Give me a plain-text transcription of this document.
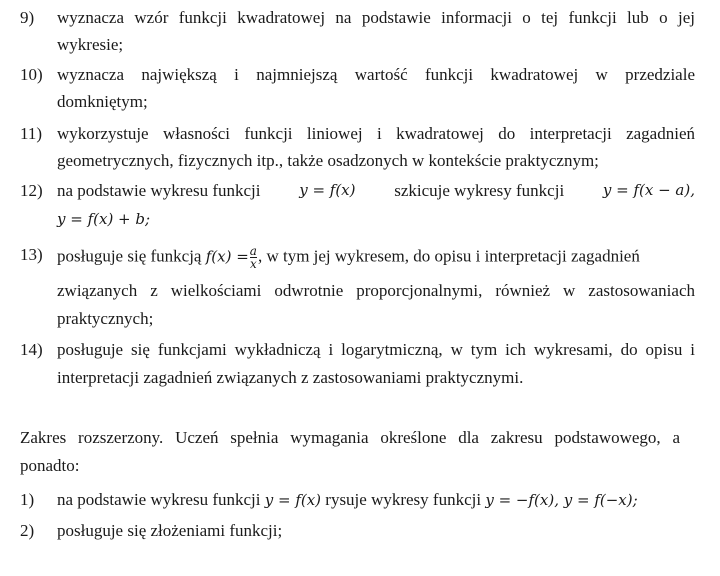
9) wyznacza wzór funkcji kwadratowej na podstawie informacji o tej funkcji lub o jej
wykresie;
10) wyznacza największą i najmniejszą wartość funkcji kwadratowej w przedziale
domkniętym;
11) wykorzystuje własności funkcji liniowej i kwadratowej do interpretacji zagadnień
geometrycznych, fizycznych itp., także osadzonych w kontekście praktycznym;
12) na podstawie wykresu funkcji	y = f(x) szkicuje wykresy funkcji	y = f(x − a),
y = f(x) + b;
13) posługuje się funkcją $f(x) = \frac{a}{x}$ , w tym jej wykresem, do opisu i interpretacji zagadnień
związanych z wielkościami odwrotnie proporcjonalnymi, również w zastosowaniach
praktycznych;
14) posługuje się funkcjami wykładniczą i logarytmiczną, w tym ich wykresami, do opisu i
interpretacji zagadnień związanych z zastosowaniami praktycznymi.
Zakres rozszerzony. Uczeń spełnia wymagania określone dla zakresu podstawowego, a
ponadto:
1) na podstawie wykresu funkcji y = f(x) rysuje wykresy funkcji y = −f(x), y = f(−x);
2) posługuje się złożeniami funkcji;
